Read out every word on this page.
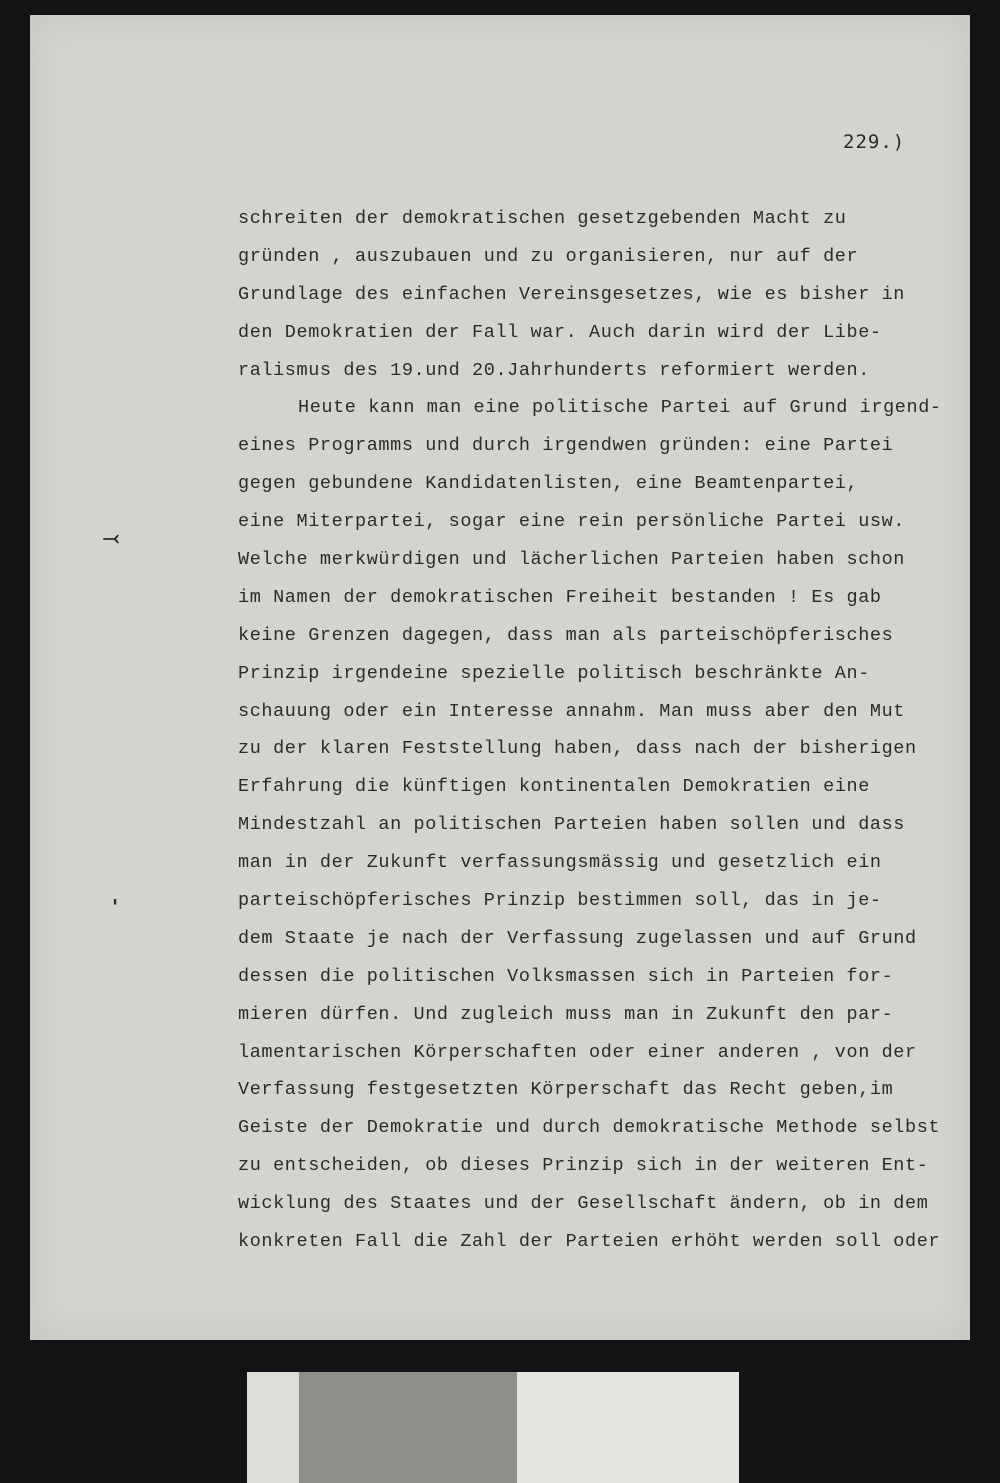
⤙
'
229.)
schreiten der demokratischen gesetzgebenden Macht zu
gründen , auszubauen und zu organisieren, nur auf der
Grundlage des einfachen Vereinsgesetzes, wie es bisher in
den Demokratien der Fall war. Auch darin wird der Libe-
ralismus des 19.und 20.Jahrhunderts reformiert werden.
Heute kann man eine politische Partei auf Grund irgend-
eines Programms und durch irgendwen gründen: eine Partei
gegen gebundene Kandidatenlisten, eine Beamtenpartei,
eine Miterpartei, sogar eine rein persönliche Partei usw.
Welche merkwürdigen und lächerlichen Parteien haben schon
im Namen der demokratischen Freiheit bestanden ! Es gab
keine Grenzen dagegen, dass man als parteischöpferisches
Prinzip irgendeine spezielle politisch beschränkte An-
schauung oder ein Interesse annahm. Man muss aber den Mut
zu der klaren Feststellung haben, dass nach der bisherigen
Erfahrung die künftigen kontinentalen Demokratien eine
Mindestzahl an politischen Parteien haben sollen und dass
man in der Zukunft verfassungsmässig und gesetzlich ein
parteischöpferisches Prinzip bestimmen soll, das in je-
dem Staate je nach der Verfassung zugelassen und auf Grund
dessen die politischen Volksmassen sich in Parteien for-
mieren dürfen. Und zugleich muss man in Zukunft den par-
lamentarischen Körperschaften oder einer anderen , von der
Verfassung festgesetzten Körperschaft das Recht geben,im
Geiste der Demokratie und durch demokratische Methode selbst
zu entscheiden, ob dieses Prinzip sich in der weiteren Ent-
wicklung des Staates und der Gesellschaft ändern, ob in dem
konkreten Fall die Zahl der Parteien erhöht werden soll oder
